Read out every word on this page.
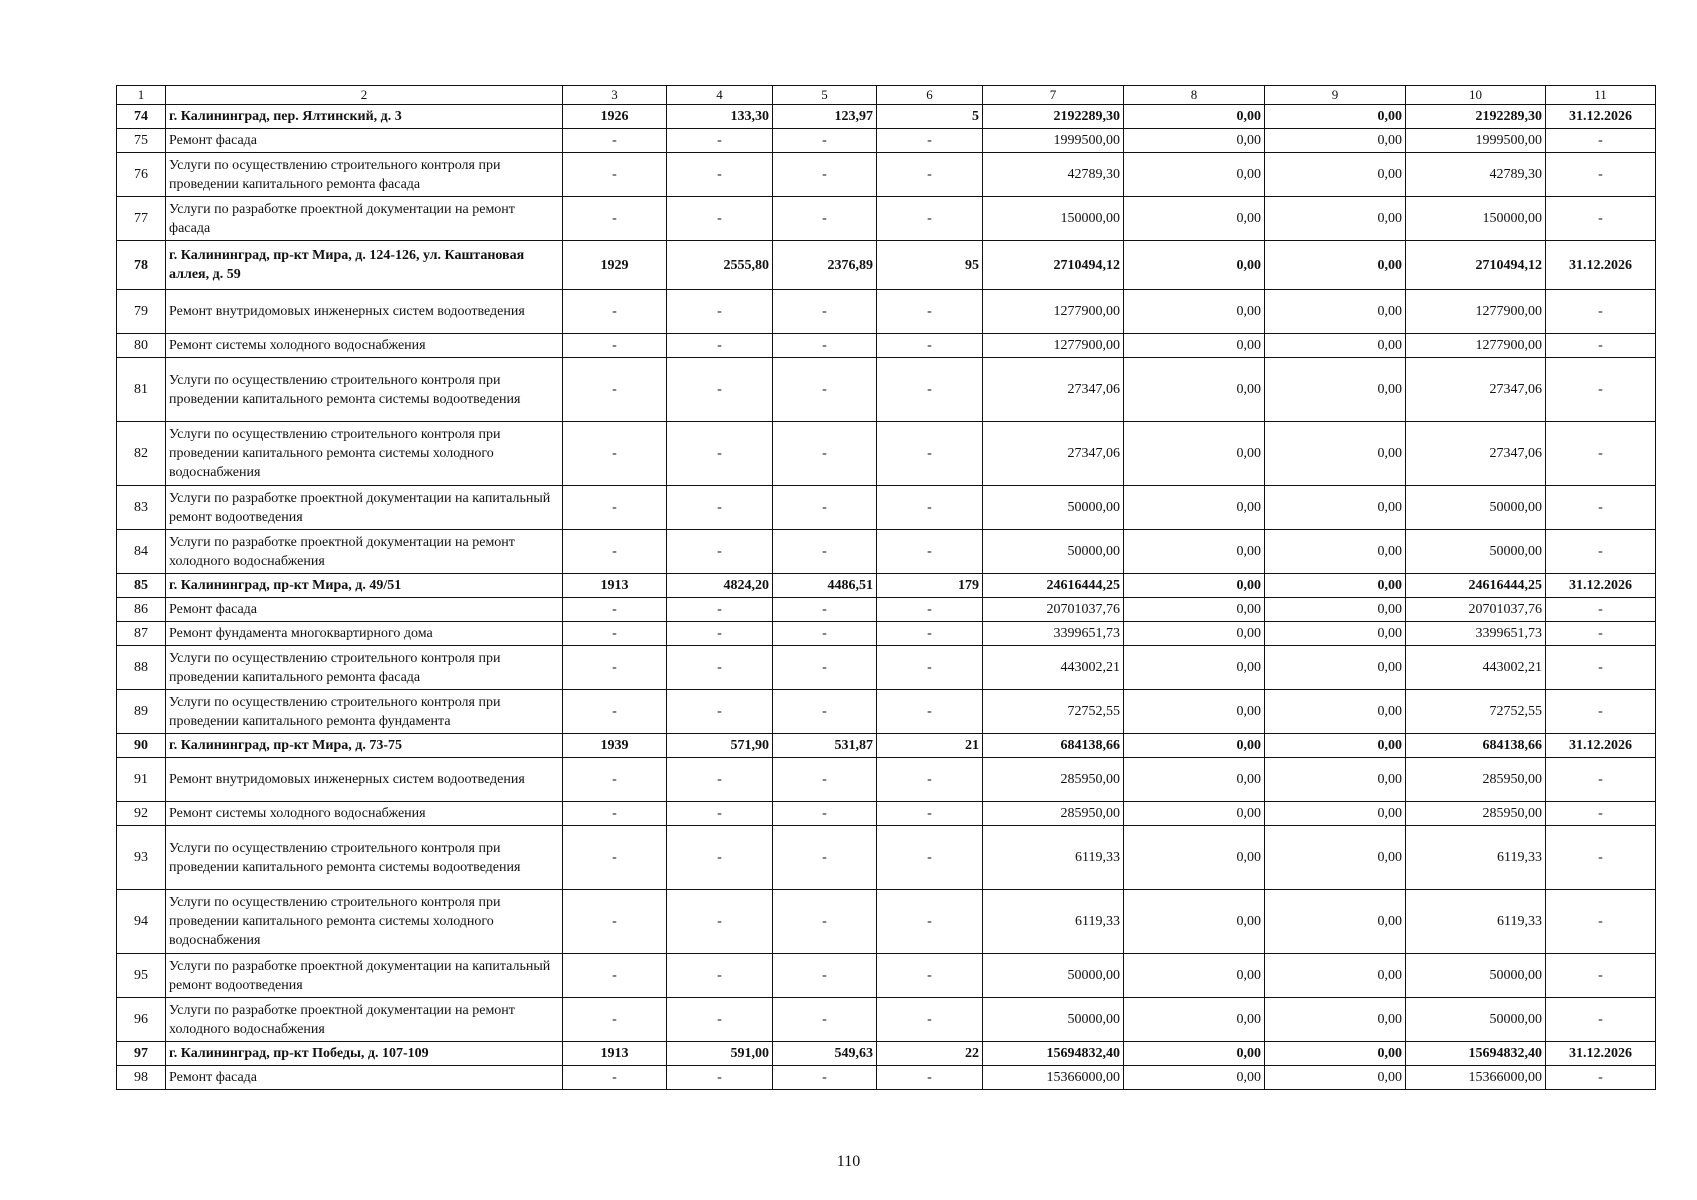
1	2	3	4	5	6	7	8	9	10	11
74	г. Калининград, пер. Ялтинский, д. 3	1926	133,30	123,97	5	2192289,30	0,00	0,00	2192289,30	31.12.2026
75	Ремонт фасада	-	-	-	-	1999500,00	0,00	0,00	1999500,00	-
76	Услуги по осуществлению строительного контроля при проведении капитального ремонта фасада	-	-	-	-	42789,30	0,00	0,00	42789,30	-
77	Услуги по разработке проектной документации на ремонт фасада	-	-	-	-	150000,00	0,00	0,00	150000,00	-
78	г. Калининград, пр-кт Мира, д. 124-126, ул. Каштановая аллея, д. 59	1929	2555,80	2376,89	95	2710494,12	0,00	0,00	2710494,12	31.12.2026
79	Ремонт внутридомовых инженерных систем водоотведения	-	-	-	-	1277900,00	0,00	0,00	1277900,00	-
80	Ремонт системы холодного водоснабжения	-	-	-	-	1277900,00	0,00	0,00	1277900,00	-
81	Услуги по осуществлению строительного контроля при проведении капитального ремонта системы водоотведения	-	-	-	-	27347,06	0,00	0,00	27347,06	-
82	Услуги по осуществлению строительного контроля при проведении капитального ремонта системы холодного водоснабжения	-	-	-	-	27347,06	0,00	0,00	27347,06	-
83	Услуги по разработке проектной документации на капитальный ремонт водоотведения	-	-	-	-	50000,00	0,00	0,00	50000,00	-
84	Услуги по разработке проектной документации на ремонт холодного водоснабжения	-	-	-	-	50000,00	0,00	0,00	50000,00	-
85	г. Калининград, пр-кт Мира, д. 49/51	1913	4824,20	4486,51	179	24616444,25	0,00	0,00	24616444,25	31.12.2026
86	Ремонт фасада	-	-	-	-	20701037,76	0,00	0,00	20701037,76	-
87	Ремонт фундамента многоквартирного дома	-	-	-	-	3399651,73	0,00	0,00	3399651,73	-
88	Услуги по осуществлению строительного контроля при проведении капитального ремонта фасада	-	-	-	-	443002,21	0,00	0,00	443002,21	-
89	Услуги по осуществлению строительного контроля при проведении капитального ремонта фундамента	-	-	-	-	72752,55	0,00	0,00	72752,55	-
90	г. Калининград, пр-кт Мира, д. 73-75	1939	571,90	531,87	21	684138,66	0,00	0,00	684138,66	31.12.2026
91	Ремонт внутридомовых инженерных систем водоотведения	-	-	-	-	285950,00	0,00	0,00	285950,00	-
92	Ремонт системы холодного водоснабжения	-	-	-	-	285950,00	0,00	0,00	285950,00	-
93	Услуги по осуществлению строительного контроля при проведении капитального ремонта системы водоотведения	-	-	-	-	6119,33	0,00	0,00	6119,33	-
94	Услуги по осуществлению строительного контроля при проведении капитального ремонта системы холодного водоснабжения	-	-	-	-	6119,33	0,00	0,00	6119,33	-
95	Услуги по разработке проектной документации на капитальный ремонт водоотведения	-	-	-	-	50000,00	0,00	0,00	50000,00	-
96	Услуги по разработке проектной документации на ремонт холодного водоснабжения	-	-	-	-	50000,00	0,00	0,00	50000,00	-
97	г. Калининград, пр-кт Победы, д. 107-109	1913	591,00	549,63	22	15694832,40	0,00	0,00	15694832,40	31.12.2026
98	Ремонт фасада	-	-	-	-	15366000,00	0,00	0,00	15366000,00	-
110
